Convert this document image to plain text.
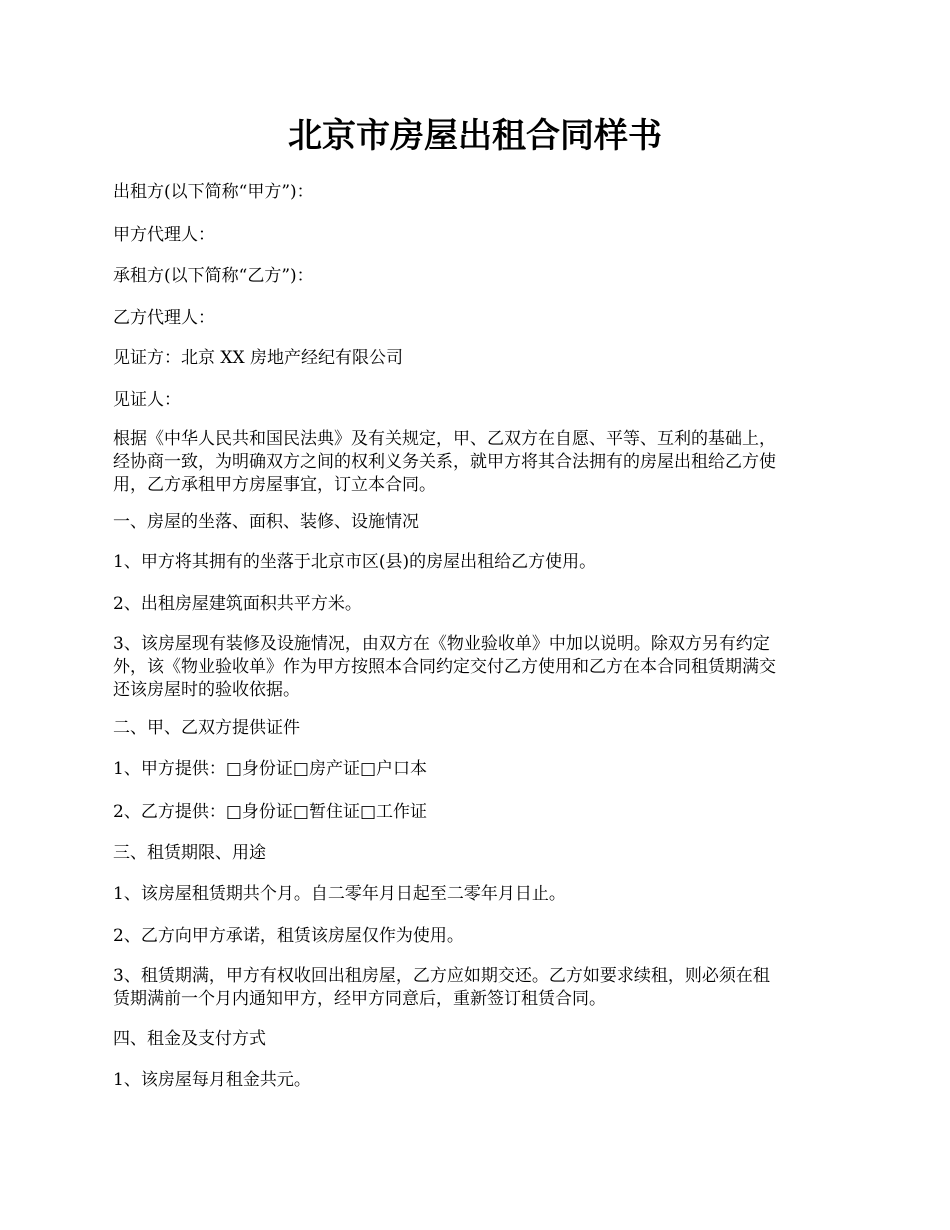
北京市房屋出租合同样书

出租方(以下简称“甲方”)：

甲方代理人：

承租方(以下简称“乙方”)：

乙方代理人：

见证方：北京 XX 房地产经纪有限公司

见证人：

根据《中华人民共和国民法典》及有关规定，甲、乙双方在自愿、平等、互利的基础上，
经协商一致，为明确双方之间的权利义务关系，就甲方将其合法拥有的房屋出租给乙方使
用，乙方承租甲方房屋事宜，订立本合同。

一、房屋的坐落、面积、装修、设施情况

1、甲方将其拥有的坐落于北京市区(县)的房屋出租给乙方使用。

2、出租房屋建筑面积共平方米。

3、该房屋现有装修及设施情况，由双方在《物业验收单》中加以说明。除双方另有约定
外，该《物业验收单》作为甲方按照本合同约定交付乙方使用和乙方在本合同租赁期满交
还该房屋时的验收依据。

二、甲、乙双方提供证件

1、甲方提供：□身份证□房产证□户口本

2、乙方提供：□身份证□暂住证□工作证

三、租赁期限、用途

1、该房屋租赁期共个月。自二零年月日起至二零年月日止。

2、乙方向甲方承诺，租赁该房屋仅作为使用。

3、租赁期满，甲方有权收回出租房屋，乙方应如期交还。乙方如要求续租，则必须在租
赁期满前一个月内通知甲方，经甲方同意后，重新签订租赁合同。

四、租金及支付方式

1、该房屋每月租金共元。
